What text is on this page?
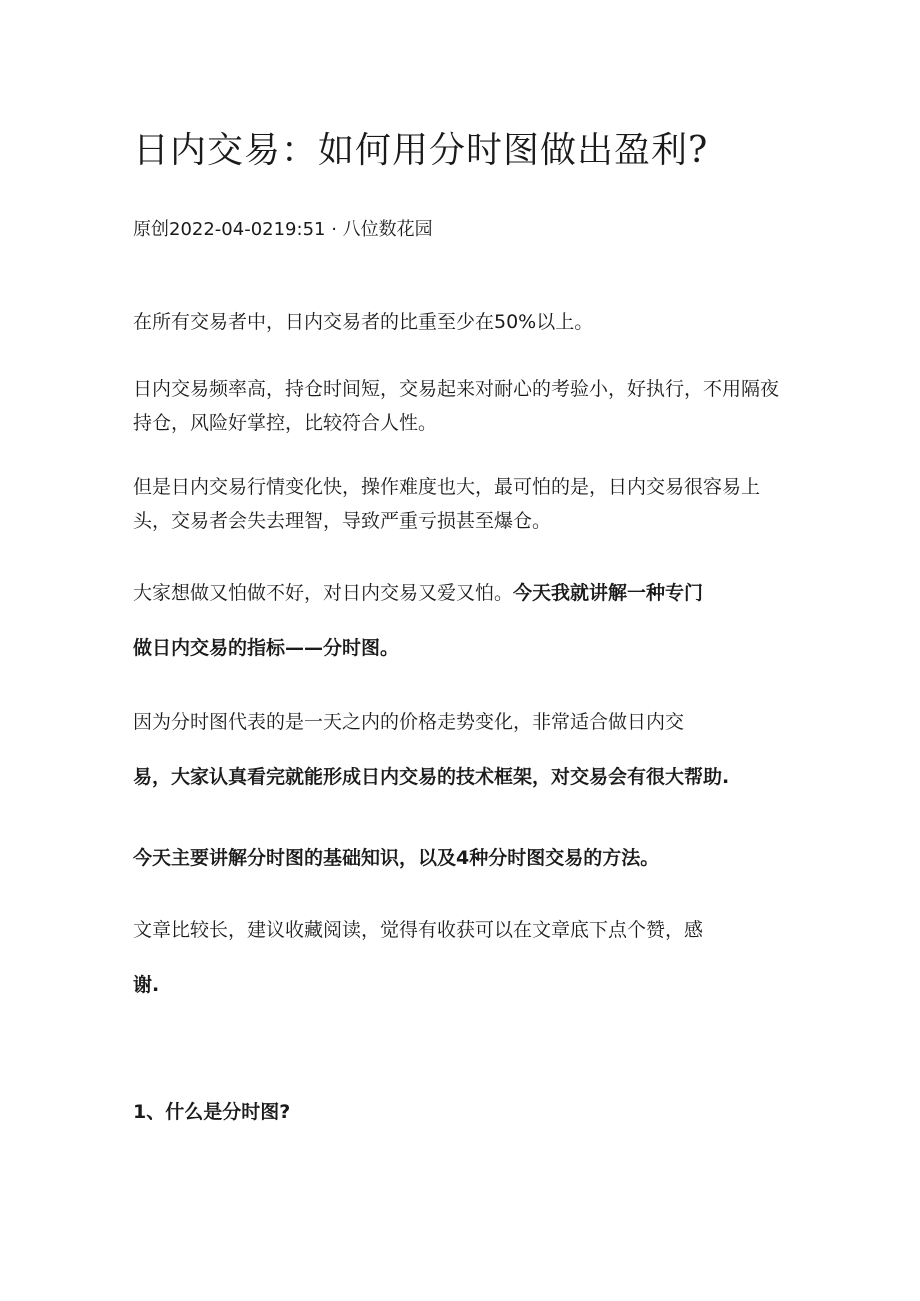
日内交易：如何用分时图做出盈利?
原创2022-04-0219:51 · 八位数花园

在所有交易者中，日内交易者的比重至少在50%以上。

日内交易频率高，持仓时间短，交易起来对耐心的考验小，好执行，不用隔夜持仓，风险好掌控，比较符合人性。

但是日内交易行情变化快，操作难度也大，最可怕的是，日内交易很容易上头，交易者会失去理智，导致严重亏损甚至爆仓。

大家想做又怕做不好，对日内交易又爱又怕。今天我就讲解一种专门
做日内交易的指标——分时图。
因为分时图代表的是一天之内的价格走势变化，非常适合做日内交
易，大家认真看完就能形成日内交易的技术框架，对交易会有很大帮助.
今天主要讲解分时图的基础知识，以及4种分时图交易的方法。
文章比较长，建议收藏阅读，觉得有收获可以在文章底下点个赞，感
谢.
1、什么是分时图?
